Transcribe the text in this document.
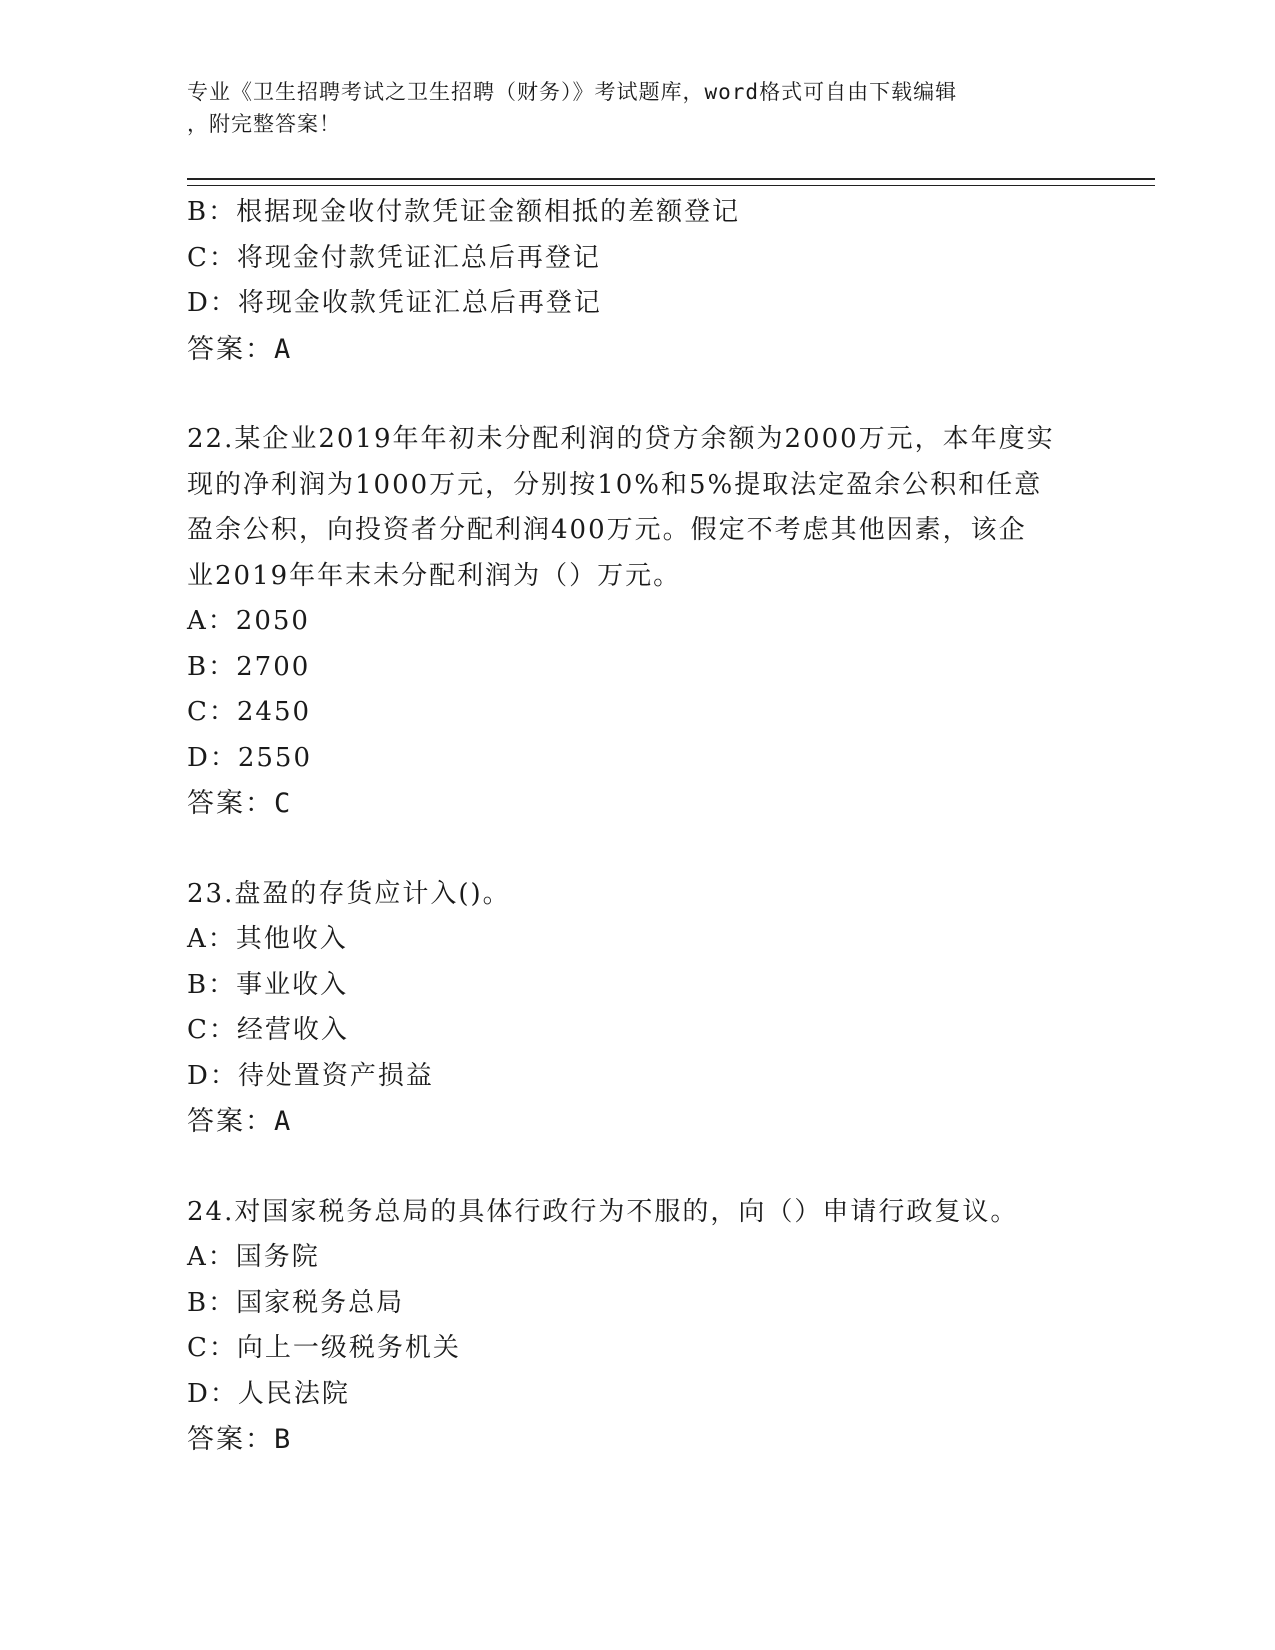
专业《卫生招聘考试之卫生招聘（财务）》考试题库，word格式可自由下载编辑
，附完整答案！
B：根据现金收付款凭证金额相抵的差额登记
C：将现金付款凭证汇总后再登记
D：将现金收款凭证汇总后再登记
答案：A
22.某企业2019年年初未分配利润的贷方余额为2000万元，本年度实
现的净利润为1000万元，分别按10%和5%提取法定盈余公积和任意
盈余公积，向投资者分配利润400万元。假定不考虑其他因素，该企
业2019年年末未分配利润为（）万元。
A：2050
B：2700
C：2450
D：2550
答案：C
23.盘盈的存货应计入()。
A：其他收入
B：事业收入
C：经营收入
D：待处置资产损益
答案：A
24.对国家税务总局的具体行政行为不服的，向（）申请行政复议。
A：国务院
B：国家税务总局
C：向上一级税务机关
D：人民法院
答案：B
